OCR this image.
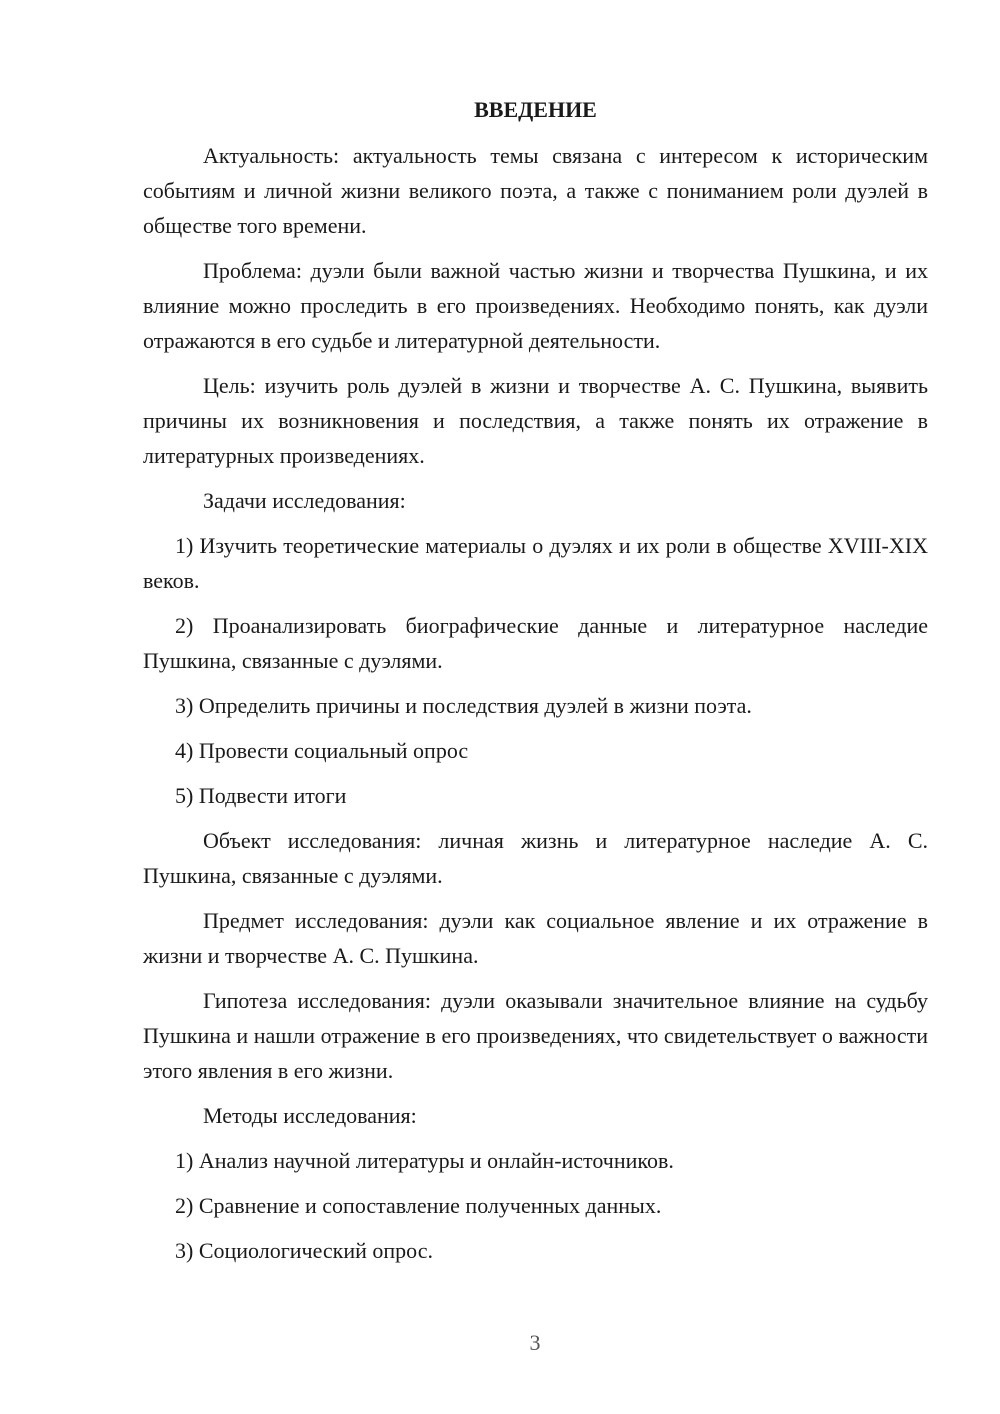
ВВЕДЕНИЕ

Актуальность: актуальность темы связана с интересом к историческим событиям и личной жизни великого поэта, а также с пониманием роли дуэлей в обществе того времени.

Проблема: дуэли были важной частью жизни и творчества Пушкина, и их влияние можно проследить в его произведениях. Необходимо понять, как дуэли отражаются в его судьбе и литературной деятельности.

Цель: изучить роль дуэлей в жизни и творчестве А. С. Пушкина, выявить причины их возникновения и последствия, а также понять их отражение в литературных произведениях.

Задачи исследования:

1) Изучить теоретические материалы о дуэлях и их роли в обществе XVIII-XIX веков.

2) Проанализировать биографические данные и литературное наследие Пушкина, связанные с дуэлями.

3) Определить причины и последствия дуэлей в жизни поэта.

4) Провести социальный опрос

5) Подвести итоги

Объект исследования: личная жизнь и литературное наследие А. С. Пушкина, связанные с дуэлями.

Предмет исследования: дуэли как социальное явление и их отражение в жизни и творчестве А. С. Пушкина.

Гипотеза исследования: дуэли оказывали значительное влияние на судьбу Пушкина и нашли отражение в его произведениях, что свидетельствует о важности этого явления в его жизни.

Методы исследования:

1) Анализ научной литературы и онлайн-источников.

2) Сравнение и сопоставление полученных данных.

3) Социологический опрос.

3
